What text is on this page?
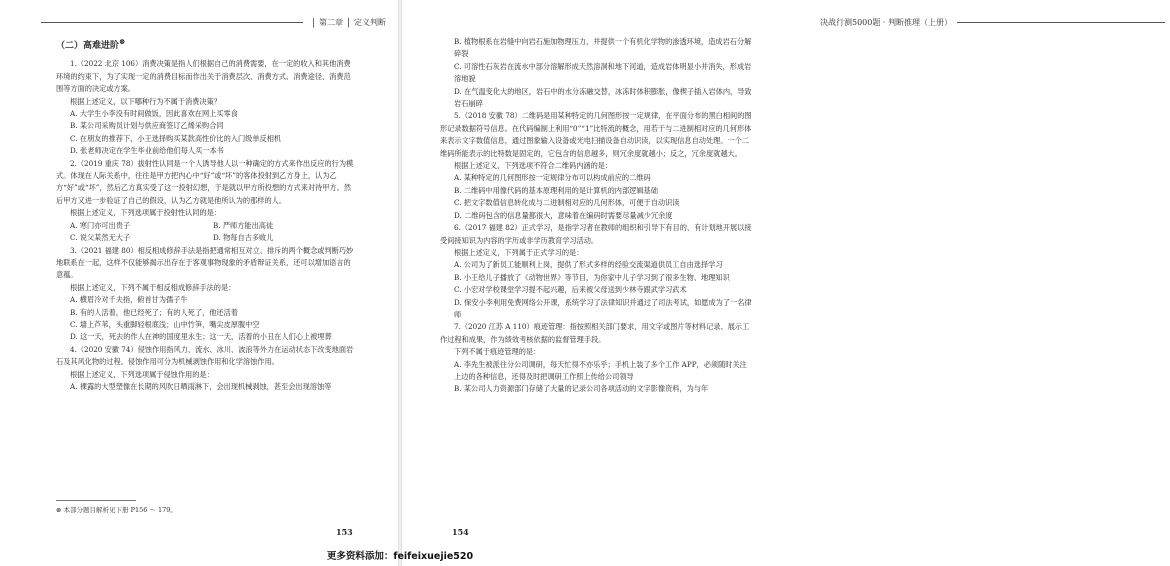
| 第二章 | 定义判断

（二）高难进阶⊗

1.（2022 北京 106）消费决策是指人们根据自己的消费需要，在一定的收入和其他消费环境的约束下，为了实现一定的消费目标而作出关于消费层次、消费方式、消费途径、消费范围等方面的决定或方案。

根据上述定义，以下哪种行为不属于消费决策？

A. 大学生小李没有时间做饭，因此喜欢在网上买零食

B. 某公司采购员计划与供应商签订乙烯采购合同

C. 在朋友的推荐下，小王选择购买某款高性价比的入门级单反相机

D. 张老师决定在学生毕业前给他们每人买一本书

2.（2019 重庆 78）拔射性认同是一个人诱导他人以一种确定的方式来作出反应的行为模式。体现在人际关系中，往往是甲方把内心中“好”或“坏”的客体投射到乙方身上，认为乙方“好”或“坏”，然后乙方真实受了这一投射幻想，于是就以甲方所投想的方式来对待甲方。然后甲方又进一步验证了自己的假设，认为乙方就是他所认为的那样的人。

根据上述定义，下列选项属于投射性认同的是：

A. 寒门亦可出贵子	B. 严师方能出高徒

C. 说父某然无大子	D. 物每自古多败儿

3.（2021 福建 80）相反相成修辞手法是指把通常相互对立、排斥的两个概念或判断巧妙地联系在一起，这样不仅能够揭示出存在于客观事物现象的矛盾辩证关系，还可以增加语言的意蕴。

根据上述定义，下列不属于相反相成修辞手法的是：

A. 横眉冷对千夫指，俯首甘为孺子牛

B. 有的人活着，他已经死了；有的人死了，他还活着

C. 墙上芦苇，头重脚轻根底浅；山中竹笋，嘴尖皮厚腹中空

D. 这一天，死去的作人在神的国度里永生；这一天，活着的小丑在人们心上被埋葬

4.（2020 安徽 74）侵蚀作用指风力、流水、冰川、波浪等外力在运动状态下改变地面岩石及其风化物的过程。侵蚀作用可分为机械剥蚀作用和化学溶蚀作用。

根据上述定义，下列选项属于侵蚀作用的是：

A. 裸露的大型塑像在长期的风吹日晒雨淋下，会出现机械剥蚀，甚至会出现溶蚀等

⊗ 本部分题目解析见下册 P156 ～ 179。
153
决战行测5000题 · 判断推理（上册）

B. 植物根系在岩缝中向岩石施加物理压力，并提供一个有机化学物的渗透环境，造成岩石分解碎裂

C. 可溶性石灰岩在流水中部分溶解形成天然溶洞和地下河道，造成岩体明显小并消失，形成岩溶地貌

D. 在气温变化大的地区，岩石中的水分冻融交替，冰冻时体积膨胀，像楔子插入岩体内，导致岩石崩碎

5.（2018 安徽 78）二维码是用某种特定的几何图形按一定规律，在平面分布的黑白相间的图形记录数据符号信息。在代码编制上利用“0”“1”比特流的概念，用若干与二进制相对应的几何形体来表示文字数值信息，通过图象输入设备或光电扫描设备自动识读，以实现信息自动处理。一个二维码所能表示的比特数是固定的，它包含的信息越多，则冗余度就越小；反之，冗余度就越大。

根据上述定义，下列选项不符合二维码内涵的是：

A. 某种特定的几何图形按一定规律分布可以构成前应的二维码

B. 二维码中用像代码的基本原理利用的是计算机的内部逻辑基础

C. 把文字数值信息转化成与二进制相对应的几何形体，可便于自动识读

D. 二维码包含的信息量都很大，意味着在编码时需要尽量减少冗余度

6.（2017 福建 82）正式学习，是指学习者在教师的组织和引导下有目的、有计划地开展以接受间接知识为内容的学历或非学历教育学习活动。

根据上述定义，下列属于正式学习的是：

A. 公司为了新员工能顺利上岗，提供了形式多样的经验交流渠道供员工自由选择学习

B. 小王给儿子播放了《动物世界》等节目，为你家中儿子学习到了很多生物、地理知识

C. 小宏对学校课堂学习提不起兴趣，后来被父母送到少林寺跟武学习武术

D. 保安小李利用免费网络公开课，系统学习了法律知识并通过了司法考试，如愿成为了一名律师

7.（2020 江苏 A 110）痕迹管理：指按照相关部门要求，用文字或图片等材料记录、展示工作过程和成果，作为绩效考核依据的监督管理手段。

下列不属于痕迹管理的是：

A. 李先生被派往分公司调研，每天忙得不亦乐乎；手机上装了多个工作 APP，必须随时关注上边的各种信息，还得及时把调研工作照上传给公司领导

B. 某公司人力资源部门存储了大量的记录公司各项活动的文字影像资料，为与年

154
更多资料添加：feifeixuejie520
